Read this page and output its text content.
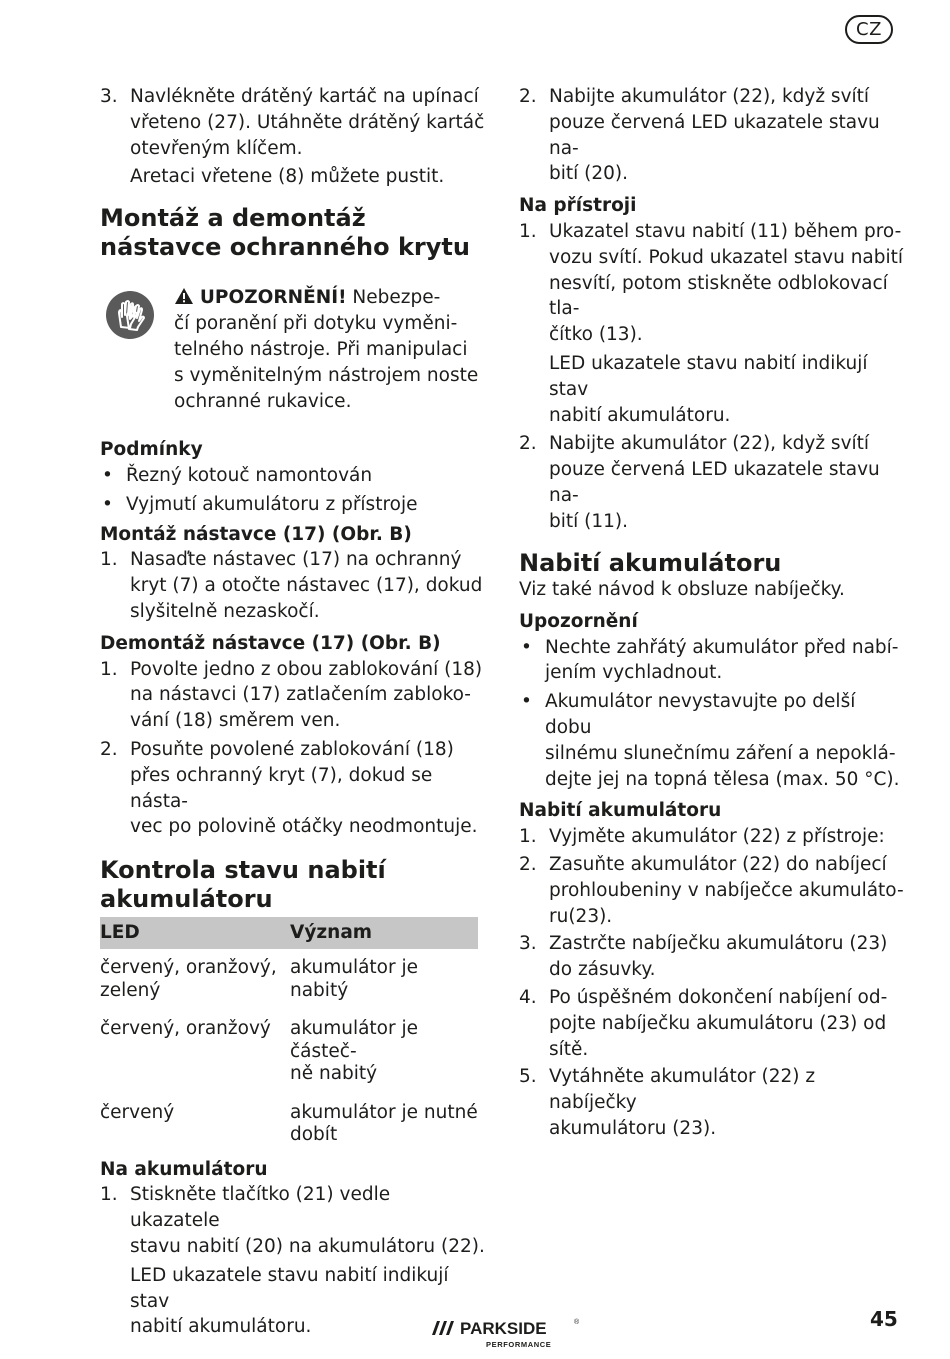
CZ
3. Navlékněte drátěný kartáč na upínací
vřeteno (27). Utáhněte drátěný kartáč
otevřeným klíčem.
Aretaci vřetene (8) můžete pustit.
Montáž a demontáž
nástavce ochranného krytu
UPOZORNĚNÍ! Nebezpe-
čí poranění při dotyku vyměni-
telného nástroje. Při manipulaci
s vyměnitelným nástrojem noste
ochranné rukavice.
Podmínky
• Řezný kotouč namontován
• Vyjmutí akumulátoru z přístroje
Montáž nástavce (17) (Obr. B)
1. Nasaďte nástavec (17) na ochranný
kryt (7) a otočte nástavec (17), dokud
slyšitelně nezaskočí.
Demontáž nástavce (17) (Obr. B)
1. Povolte jedno z obou zablokování (18)
na nástavci (17) zatlačením zabloko-
vání (18) směrem ven.
2. Posuňte povolené zablokování (18)
přes ochranný kryt (7), dokud se násta-
vec po polovině otáčky neodmontuje.
Kontrola stavu nabití
akumulátoru
LED	Význam

červený, oranžový,
zelený	akumulátor je nabitý

červený, oranžový	akumulátor je částeč-
ně nabitý

červený	akumulátor je nutné
dobít
Na akumulátoru
1. Stiskněte tlačítko (21) vedle ukazatele
stavu nabití (20) na akumulátoru (22).
LED ukazatele stavu nabití indikují stav
nabití akumulátoru.
2. Nabijte akumulátor (22), když svítí
pouze červená LED ukazatele stavu na-
bití (20).
Na přístroji
1. Ukazatel stavu nabití (11) během pro-
vozu svítí. Pokud ukazatel stavu nabití
nesvítí, potom stiskněte odblokovací tla-
čítko (13).
LED ukazatele stavu nabití indikují stav
nabití akumulátoru.
2. Nabijte akumulátor (22), když svítí
pouze červená LED ukazatele stavu na-
bití (11).
Nabití akumulátoru
Viz také návod k obsluze nabíječky.
Upozornění
• Nechte zahřátý akumulátor před nabí-
jením vychladnout.
• Akumulátor nevystavujte po delší dobu
silnému slunečnímu záření a nepoklá-
dejte jej na topná tělesa (max. 50 °C).
Nabití akumulátoru
1. Vyjměte akumulátor (22) z přístroje:
2. Zasuňte akumulátor (22) do nabíjecí
prohloubeniny v nabíječce akumuláto-
ru(23).
3. Zastrčte nabíječku akumulátoru (23)
do zásuvky.
4. Po úspěšném dokončení nabíjení od-
pojte nabíječku akumulátoru (23) od
sítě.
5. Vytáhněte akumulátor (22) z nabíječky
akumulátoru (23).
PARKSIDE	®
PERFORMANCE
45
